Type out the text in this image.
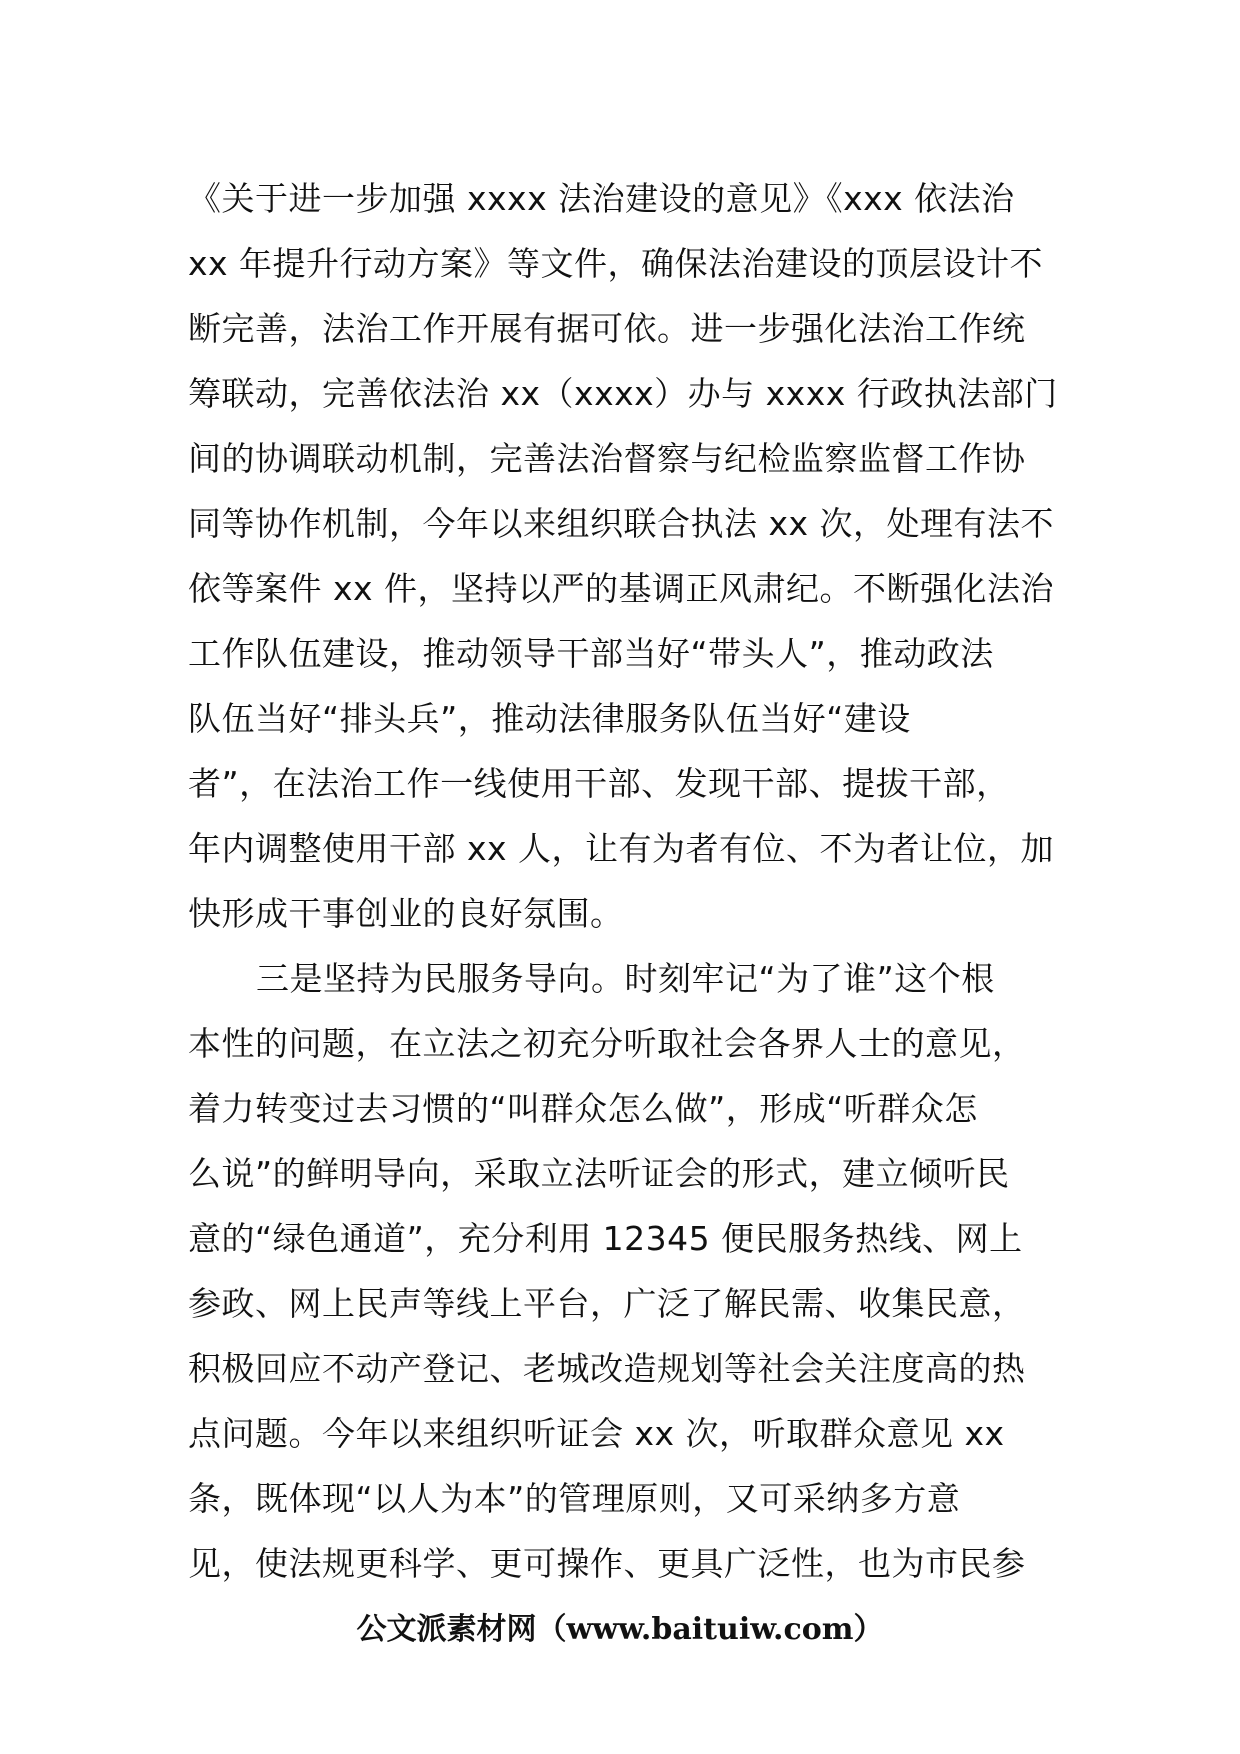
《关于进一步加强 xxxx 法治建设的意见》《xxx 依法治
xx 年提升行动方案》等文件，确保法治建设的顶层设计不
断完善，法治工作开展有据可依。进一步强化法治工作统
筹联动，完善依法治 xx（xxxx）办与 xxxx 行政执法部门
间的协调联动机制，完善法治督察与纪检监察监督工作协
同等协作机制，今年以来组织联合执法 xx 次，处理有法不
依等案件 xx 件，坚持以严的基调正风肃纪。不断强化法治
工作队伍建设，推动领导干部当好“带头人”，推动政法
队伍当好“排头兵”，推动法律服务队伍当好“建设
者”，在法治工作一线使用干部、发现干部、提拔干部，
年内调整使用干部 xx 人，让有为者有位、不为者让位，加
快形成干事创业的良好氛围。
三是坚持为民服务导向。时刻牢记“为了谁”这个根
本性的问题，在立法之初充分听取社会各界人士的意见，
着力转变过去习惯的“叫群众怎么做”，形成“听群众怎
么说”的鲜明导向，采取立法听证会的形式，建立倾听民
意的“绿色通道”，充分利用 12345 便民服务热线、网上
参政、网上民声等线上平台，广泛了解民需、收集民意，
积极回应不动产登记、老城改造规划等社会关注度高的热
点问题。今年以来组织听证会 xx 次，听取群众意见 xx
条，既体现“以人为本”的管理原则，又可采纳多方意
见，使法规更科学、更可操作、更具广泛性，也为市民参
公文派素材网（www.baituiw.com）
